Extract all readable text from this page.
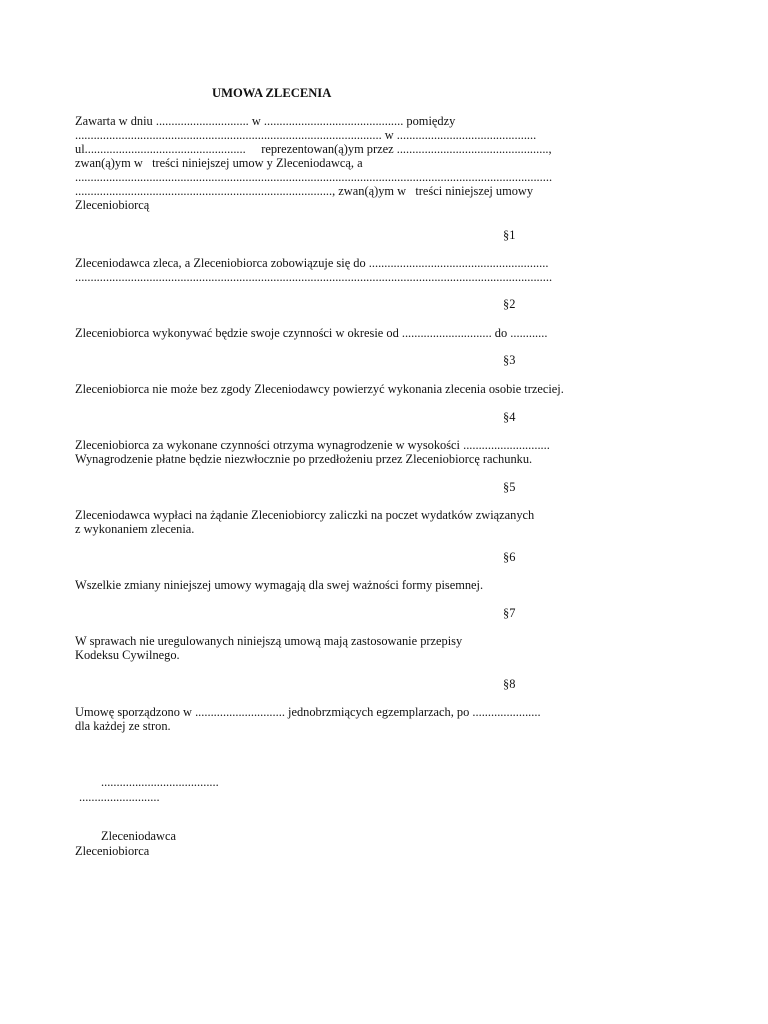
UMOWA ZLECENIA
Zawarta w dniu .............................. w ............................................. pomiędzy
................................................................................................... w .............................................
ul....................................................     reprezentowan(ą)ym przez .................................................,
zwan(ą)ym w   treści niniejszej umow y Zleceniodawcą, a
..........................................................................................................................................................
..................................................................................., zwan(ą)ym w   treści niniejszej umowy
Zleceniobiorcą
§1
Zleceniodawca zleca, a Zleceniobiorca zobowiązuje się do ..........................................................
..........................................................................................................................................................
§2
Zleceniobiorca wykonywać będzie swoje czynności w okresie od ............................. do ............
§3
Zleceniobiorca nie może bez zgody Zleceniodawcy powierzyć wykonania zlecenia osobie trzeciej.
§4
Zleceniobiorca za wykonane czynności otrzyma wynagrodzenie w wysokości ............................
Wynagrodzenie płatne będzie niezwłocznie po przedłożeniu przez Zleceniobiorcę rachunku.
§5
Zleceniodawca wypłaci na żądanie Zleceniobiorcy zaliczki na poczet wydatków związanych
z wykonaniem zlecenia.
§6
Wszelkie zmiany niniejszej umowy wymagają dla swej ważności formy pisemnej.
§7
W sprawach nie uregulowanych niniejszą umową mają zastosowanie przepisy
Kodeksu Cywilnego.
§8
Umowę sporządzono w ............................. jednobrzmiących egzemplarzach, po ......................
dla każdej ze stron.
......................................
..........................
Zleceniodawca
Zleceniobiorca
